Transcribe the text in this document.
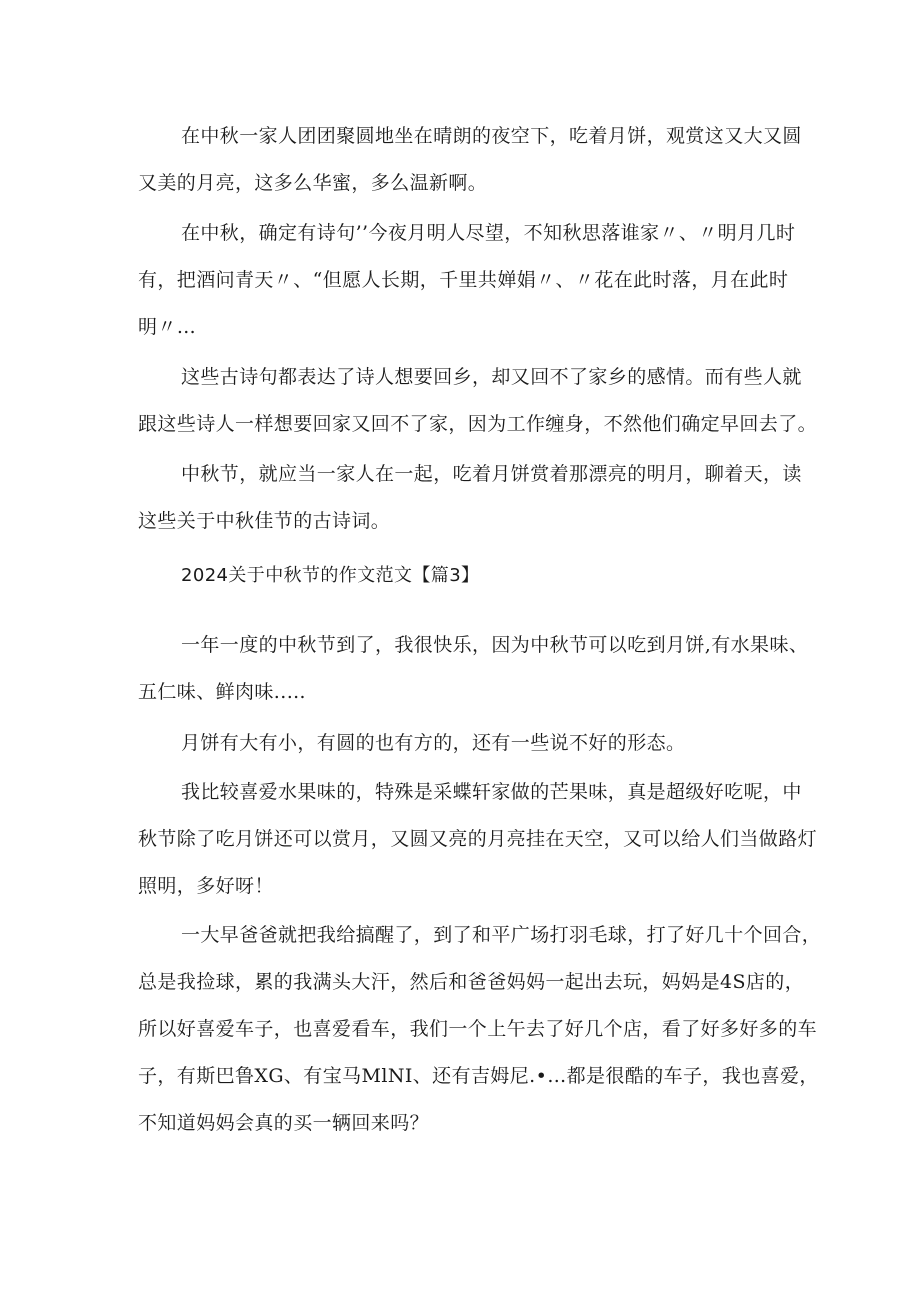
在中秋一家人团团聚圆地坐在晴朗的夜空下，吃着月饼，观赏这又大又圆
又美的月亮，这多么华蜜，多么温新啊。
在中秋，确定有诗句’’今夜月明人尽望，不知秋思落谁家〃、〃明月几时
有，把酒问青天〃、“但愿人长期，千里共婵娟〃、〃花在此时落，月在此时
明〃…
这些古诗句都表达了诗人想要回乡，却又回不了家乡的感情。而有些人就
跟这些诗人一样想要回家又回不了家，因为工作缠身，不然他们确定早回去了。
中秋节，就应当一家人在一起，吃着月饼赏着那漂亮的明月，聊着天，读
这些关于中秋佳节的古诗词。
2024关于中秋节的作文范文【篇3】
一年一度的中秋节到了，我很快乐，因为中秋节可以吃到月饼,有水果味、
五仁味、鲜肉味..…
月饼有大有小，有圆的也有方的，还有一些说不好的形态。
我比较喜爱水果味的，特殊是采蝶轩家做的芒果味，真是超级好吃呢，中
秋节除了吃月饼还可以赏月，又圆又亮的月亮挂在天空，又可以给人们当做路灯
照明，多好呀！
一大早爸爸就把我给搞醒了，到了和平广场打羽毛球，打了好几十个回合，
总是我捡球，累的我满头大汗，然后和爸爸妈妈一起出去玩，妈妈是4S店的，
所以好喜爱车子，也喜爱看车，我们一个上午去了好几个店，看了好多好多的车
子，有斯巴鲁XG、有宝马MlNI、还有吉姆尼.•…都是很酷的车子，我也喜爱，
不知道妈妈会真的买一辆回来吗？
